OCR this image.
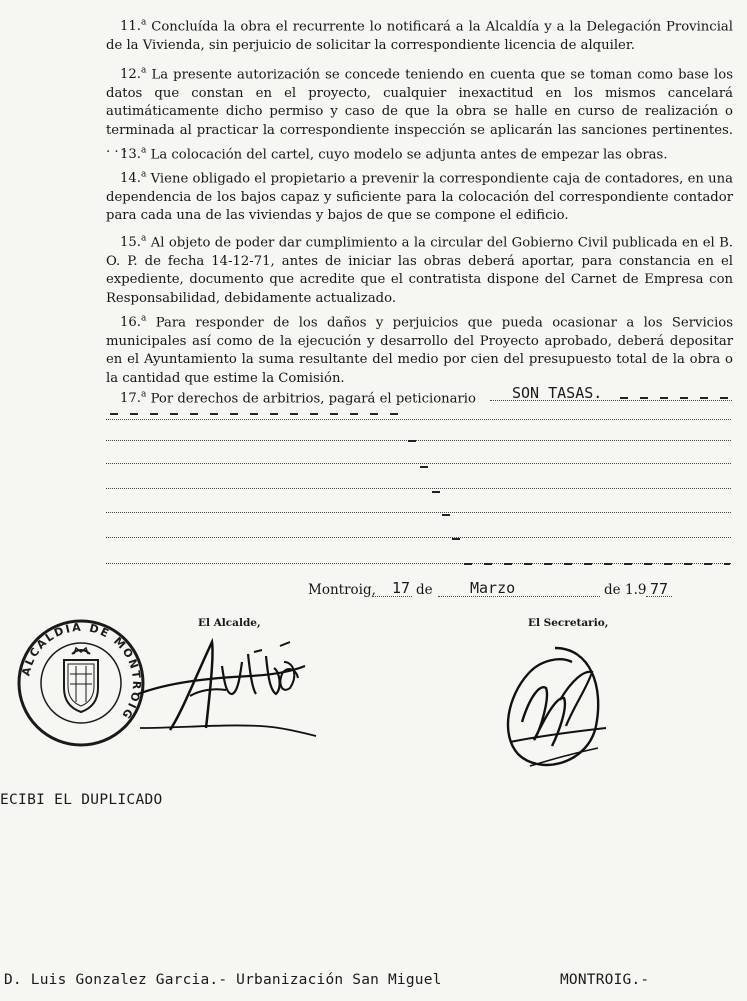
11.$^a$ Concluída la obra el recurrente lo notificará a la Alcaldía y a la Delegación Provincial de la Vivienda, sin perjuicio de solicitar la correspondiente licencia de alquiler.

12.$^a$ La presente autorización se concede teniendo en cuenta que se toman como base los datos que constan en el proyecto, cualquier inexactitud en los mismos cancelará autimáticamente dicho permiso y caso de que la obra se halle en curso de realización o terminada al practicar la correspondiente inspección se aplicarán las sanciones pertinentes. . . .

13.$^a$ La colocación del cartel, cuyo modelo se adjunta antes de empezar las obras.

14.$^a$ Viene obligado el propietario a prevenir la correspondiente caja de contadores, en una dependencia de los bajos capaz y suficiente para la colocación del correspondiente contador para cada una de las viviendas y bajos de que se compone el edificio.

15.$^a$ Al objeto de poder dar cumplimiento a la circular del Gobierno Civil publicada en el B. O. P. de fecha 14-12-71, antes de iniciar las obras deberá aportar, para constancia en el expediente, documento que acredite que el contratista dispone del Carnet de Empresa con Responsabilidad, debidamente actualizado.

16.$^a$ Para responder de los daños y perjuicios que pueda ocasionar a los Servicios municipales así como de la ejecución y desarrollo del Proyecto aprobado, deberá depositar en el Ayuntamiento la suma resultante del medio por cien del presupuesto total de la obra o la cantidad que estime la Comisión.

17.$^a$ Por derechos de arbitrios, pagará el peticionario SON TASAS.
Montroig, 17 de Marzo	de 1.9 77
El Alcalde,	El Secretario,
ALCALDIA DE MONTROIG
ECIBI EL DUPLICADO
D. Luis Gonzalez Garcia.- Urbanización San Miguel	MONTROIG.-
